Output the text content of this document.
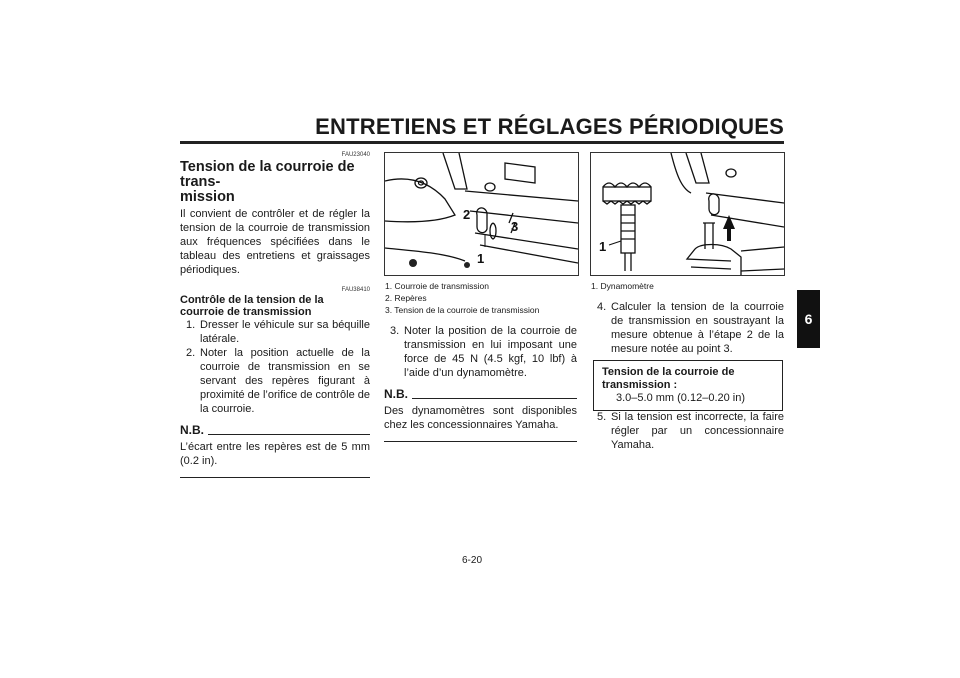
ENTRETIENS ET RÉGLAGES PÉRIODIQUES
6
FAU23040
Tension de la courroie de trans-
mission

Il convient de contrôler et de régler la tension de la courroie de transmission aux fréquences spécifiées dans le tableau des entretiens et graissages périodiques.

FAU38410
Contrôle de la tension de la courroie de transmission
1. Dresser le véhicule sur sa béquille latérale.
2. Noter la position actuelle de la courroie de transmission en se servant des repères figurant à proximité de l’orifice de contrôle de la courroie.
N.B.

L’écart entre les repères est de 5 mm (0.2 in).

2
3
1
1. Courroie de transmission
2. Repères
3. Tension de la courroie de transmission
3. Noter la position de la courroie de transmission en lui imposant une force de 45 N (4.5 kgf, 10 lbf) à l’aide d’un dynamomètre.
N.B.

Des dynamomètres sont disponibles chez les concessionnaires Yamaha.

1
1. Dynamomètre
4. Calculer la tension de la courroie de transmission en soustrayant la mesure obtenue à l’étape 2 de la mesure notée au point 3.
Tension de la courroie de transmission :
3.0–5.0 mm (0.12–0.20 in)
5. Si la tension est incorrecte, la faire régler par un concessionnaire Yamaha.
6-20
